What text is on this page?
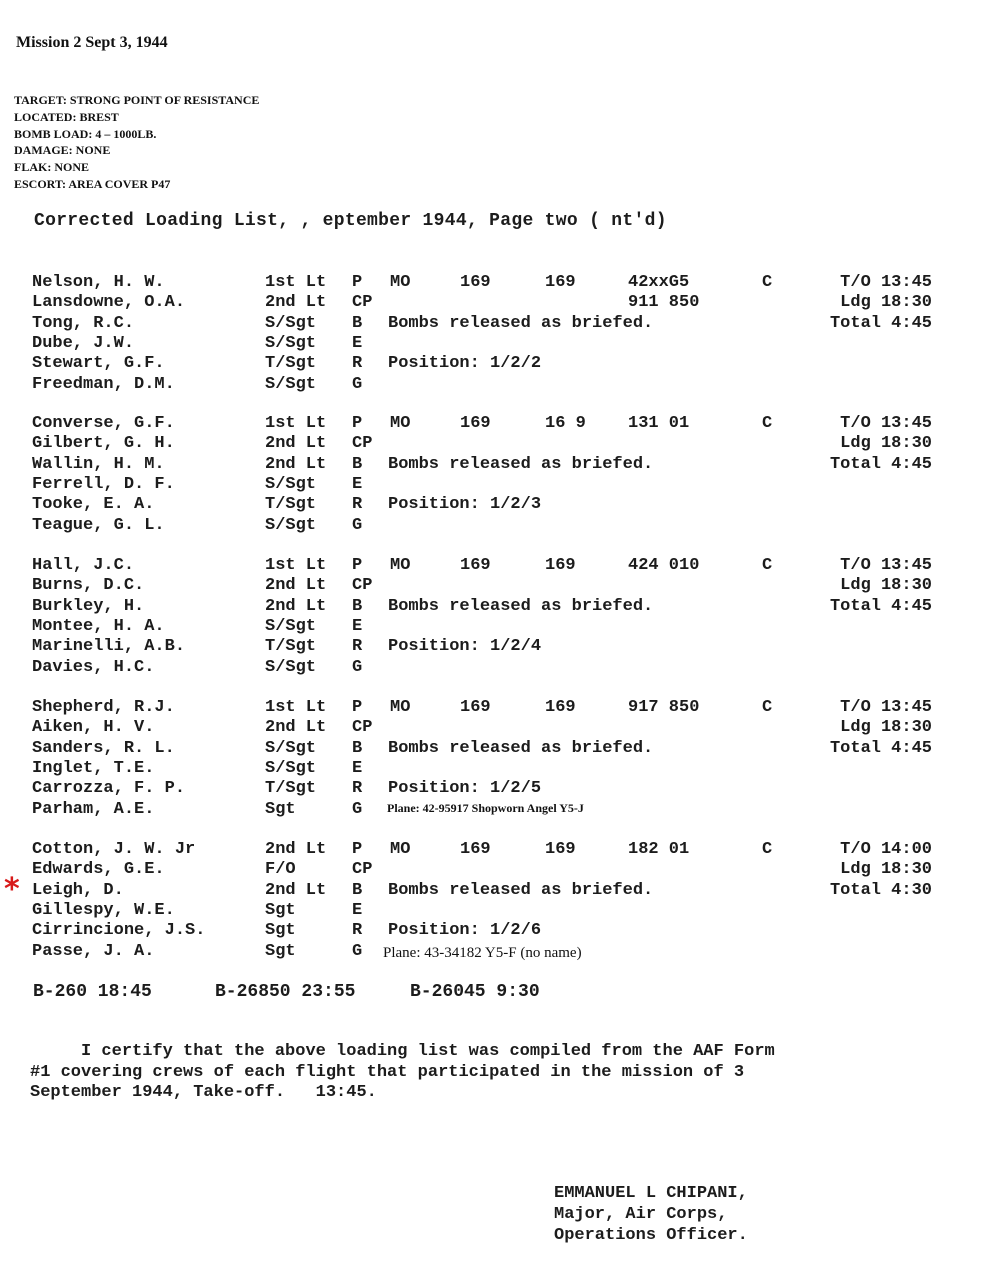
Mission 2 Sept 3, 1944
TARGET: STRONG POINT OF RESISTANCE
LOCATED: BREST
BOMB LOAD: 4 – 1000LB.
DAMAGE: NONE
FLAK: NONE
ESCORT: AREA COVER P47
Corrected Loading List, , eptember 1944, Page two ( nt'd)
Nelson, H. W.	1st Lt P MO	169	169	42xxG5	C	T/O 13:45
Lansdowne, O.A.	2nd Lt CP	911 850	Ldg 18:30
Tong, R.C.	S/Sgt B Bombs released as briefed.	Total 4:45
Dube, J.W.	S/Sgt E
Stewart, G.F.	T/Sgt R Position: 1/2/2
Freedman, D.M.	S/Sgt G
Converse, G.F.	1st Lt P MO	169	16 9 131 01	C	T/O 13:45
Gilbert, G. H.	2nd Lt CP	Ldg 18:30
Wallin, H. M.	2nd Lt B Bombs released as briefed.	Total 4:45
Ferrell, D. F.	S/Sgt E
Tooke, E. A.	T/Sgt R Position: 1/2/3
Teague, G. L.	S/Sgt G
Hall, J.C.	1st Lt P MO	169	169	424 010	C	T/O 13:45
Burns, D.C.	2nd Lt CP	Ldg 18:30
Burkley, H.	2nd Lt B Bombs released as briefed.	Total 4:45
Montee, H. A.	S/Sgt E
Marinelli, A.B.	T/Sgt R Position: 1/2/4
Davies, H.C.	S/Sgt G
Shepherd, R.J.	1st Lt P MO	169	169	917 850	C	T/O 13:45
Aiken, H. V.	2nd Lt CP	Ldg 18:30
Sanders, R. L.	S/Sgt B Bombs released as briefed.	Total 4:45
Inglet, T.E.	S/Sgt E
Carrozza, F. P.	T/Sgt R Position: 1/2/5
Parham, A.E.	Sgt	G
Cotton, J. W. Jr	2nd Lt P MO	169	169	182 01	C	T/O 14:00
Edwards, G.E.	F/O	CP	Ldg 18:30
Leigh, D.	2nd Lt B Bombs released as briefed.	Total 4:30
Gillespy, W.E.	Sgt	E
Cirrincione, J.S.	Sgt	R Position: 1/2/6
Passe, J. A.	Sgt	G
Plane: 42-95917 Shopworn Angel Y5-J
Plane: 43-34182 Y5-F (no name)
*
B-260 18:45	B-26850 23:55	B-26045 9:30
I certify that the above loading list was compiled from the AAF Form
#1 covering crews of each flight that participated in the mission of 3
September 1944, Take-off.   13:45.
EMMANUEL L CHIPANI,
Major, Air Corps,
Operations Officer.
